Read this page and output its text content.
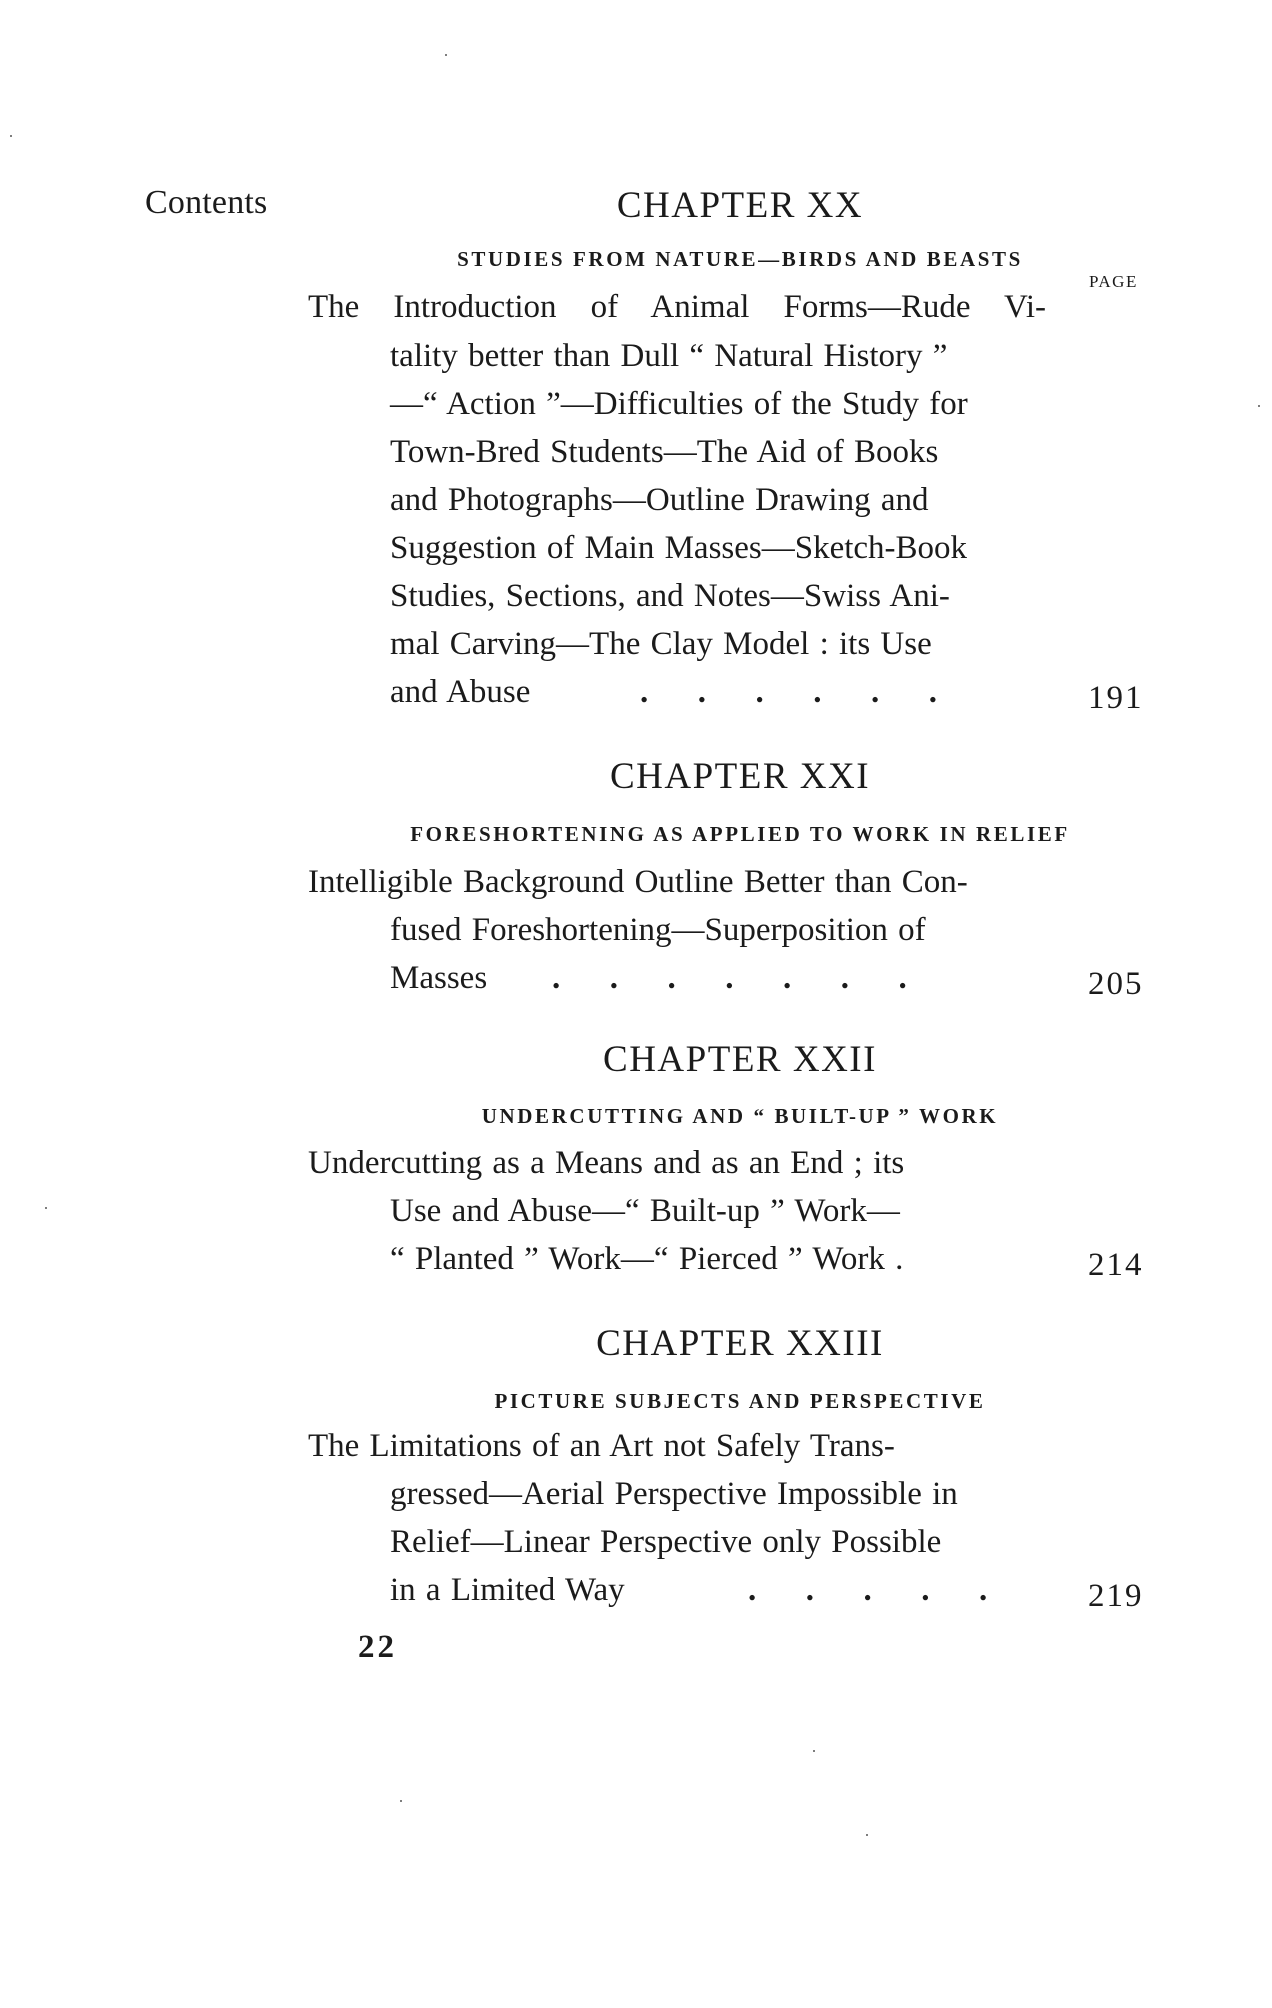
Contents
PAGE
CHAPTER XX
STUDIES FROM NATURE—BIRDS AND BEASTS
The Introduction of Animal Forms—Rude Vi-
tality better than Dull “ Natural History ”
—“ Action ”—Difficulties of the Study for
Town-Bred Students—The Aid of Books
and Photographs—Outline Drawing and
Suggestion of Main Masses—Sketch-Book
Studies, Sections, and Notes—Swiss Ani-
mal Carving—The Clay Model : its Use
and Abuse	.      .      .      .      .      .	191
CHAPTER XXI
FORESHORTENING AS APPLIED TO WORK IN RELIEF
Intelligible Background Outline Better than Con-
fused Foreshortening—Superposition of
Masses .      .      .      .      .      .      .	205
CHAPTER XXII
UNDERCUTTING AND “ BUILT-UP ” WORK
Undercutting as a Means and as an End ; its
Use and Abuse—“ Built-up ” Work—
“ Planted ” Work—“ Pierced ” Work .	214
CHAPTER XXIII
PICTURE SUBJECTS AND PERSPECTIVE
The Limitations of an Art not Safely Trans-
gressed—Aerial Perspective Impossible in
Relief—Linear Perspective only Possible
in a Limited Way	.      .      .      .      .	219
22
